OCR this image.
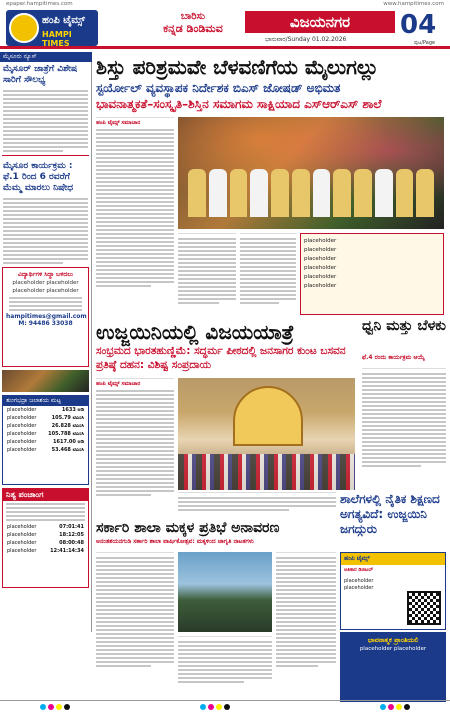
epaper.hampitimes.com	www.hampitimes.com
ಹಂಪಿ ಟೈಮ್ಸ್
HAMPI TIMES
ಬಾರಿಸು
ಕನ್ನಡ ಡಿಂಡಿಮವ	ವಿಜಯನಗರ
ಭಾನುವಾರ/Sunday 01.02.2026 04
ಪುಟ/Page
ಮೈಸೂರು ನ್ಯೂಸ್
ಮೈಸೂರ್‌ ಜಾತ್ರೆಗೆ ವಿಶೇಷ ಸಾರಿಗೆ ಸೌಲಭ್ಯ
ಮೈಸೂರ ಕಾರ್ಯಕ್ರಮ : ಫೆ.1 ರಿಂದ 6 ರವರೆಗೆ ಮೆಮ್ಮ ಮಾರಲು ನಿಷೇಧ
ವಿದ್ಯಾರ್ಥಿಗಳಿ ಸಿದ್ಧಾ ಬಳಿದಲು
placeholder placeholder placeholder placeholder
hampitimes@gmail.com
M: 94486 33038
ತುಂಗಭದ್ರಾ ಜಲಾಶಯ ಮಟ್ಟ
placeholder	1633 ಅಡಿ
placeholder	105.79 ಟಿಎಂಸಿ
placeholder	26.828 ಟಿಎಂಸಿ
placeholder 105.788 ಟಿಎಂಸಿ
placeholder	1617.00 ಅಡಿ
placeholder	53.468 ಟಿಎಂಸಿ
ನಿತ್ಯ ಪಂಚಾಂಗ
placeholder	07:01:41
placeholder	18:12:05
placeholder	08:00:48
placeholder	12:41:14:34
ಶಿಸ್ತು ಪರಿಶ್ರಮವೇ ಬೆಳವಣಿಗೆಯ ಮೈಲುಗಲ್ಲು
ಸ್ಟರ್ಯೋಲ್ ವ್ಯವಸ್ಥಾಪಕ ನಿರ್ದೇಶಕ ಬಿಎಸ್‌ ಜೋಷಡ್ ಅಭಿಮತ
ಭಾವನಾತ್ಮಕತೆ–ಸಂಸ್ಕೃತಿ–ಶಿಸ್ತಿನ ಸಮಾಗಮ ಸಾಕ್ಷಿಯಾದ ಎಸ್‌ಆರ್‌ಎಸ್ ಶಾಲೆ
ಹಂಪಿ ಟೈಮ್ಸ್ ಸಮಾಚಾರ
placeholder
placeholder
placeholder
placeholder
placeholder
placeholder
ಉಜ್ಜಯಿನಿಯಲ್ಲಿ ವಿಜಯಯಾತ್ರೆ
ಸಂಭ್ರಮದ ಭಾರತಹುಣ್ಣಿಮೆ: ಸದ್ಧರ್ಮ ಪೀಠದಲ್ಲಿ ಜನಸಾಗರ ಕುಂಟ ಬಸವನ ಪ್ರತಿಷ್ಠೆ ದಹನ: ವಿಶಿಷ್ಟ ಸಂಪ್ರದಾಯ
ಹಂಪಿ ಟೈಮ್ಸ್ ಸಮಾಚಾರ
ಧ್ವನಿ ಮತ್ತು ಬೆಳಕು
ಫೆ.4 ರಂದು ಕಾರ್ಯಕ್ರಮ ಆಯ್ಕೆ
ಶಾಲೆಗಳಲ್ಲಿ ನೈತಿಕ ಶಿಕ್ಷಣದ ಅಗತ್ಯವಿದೆ: ಉಜ್ಜಯಿನಿ ಜಗದ್ಗುರು
ಸರ್ಕಾರಿ ಶಾಲಾ ಮಕ್ಕಳ ಪ್ರತಿಭೆ ಅನಾವರಣ
ಅನಂತಶಯನಗುಡಿ ಸರ್ಕಾರಿ ಶಾಲಾ ವಾರ್ಷಿಕೋತ್ಸವ: ಮಕ್ಕಳಿಂದ ಜಾಗೃತಿ ನಾಟಕಗಳು
ಹಂಪಿ ಟೈಮ್ಸ್
ಅತಿಕಾರ ಡಿಜಿಟಲ್
placeholder placeholder
ಭಾವನಾತ್ಮಕ ಪ್ರಾಂತಿಯಲಿ
placeholder placeholder
